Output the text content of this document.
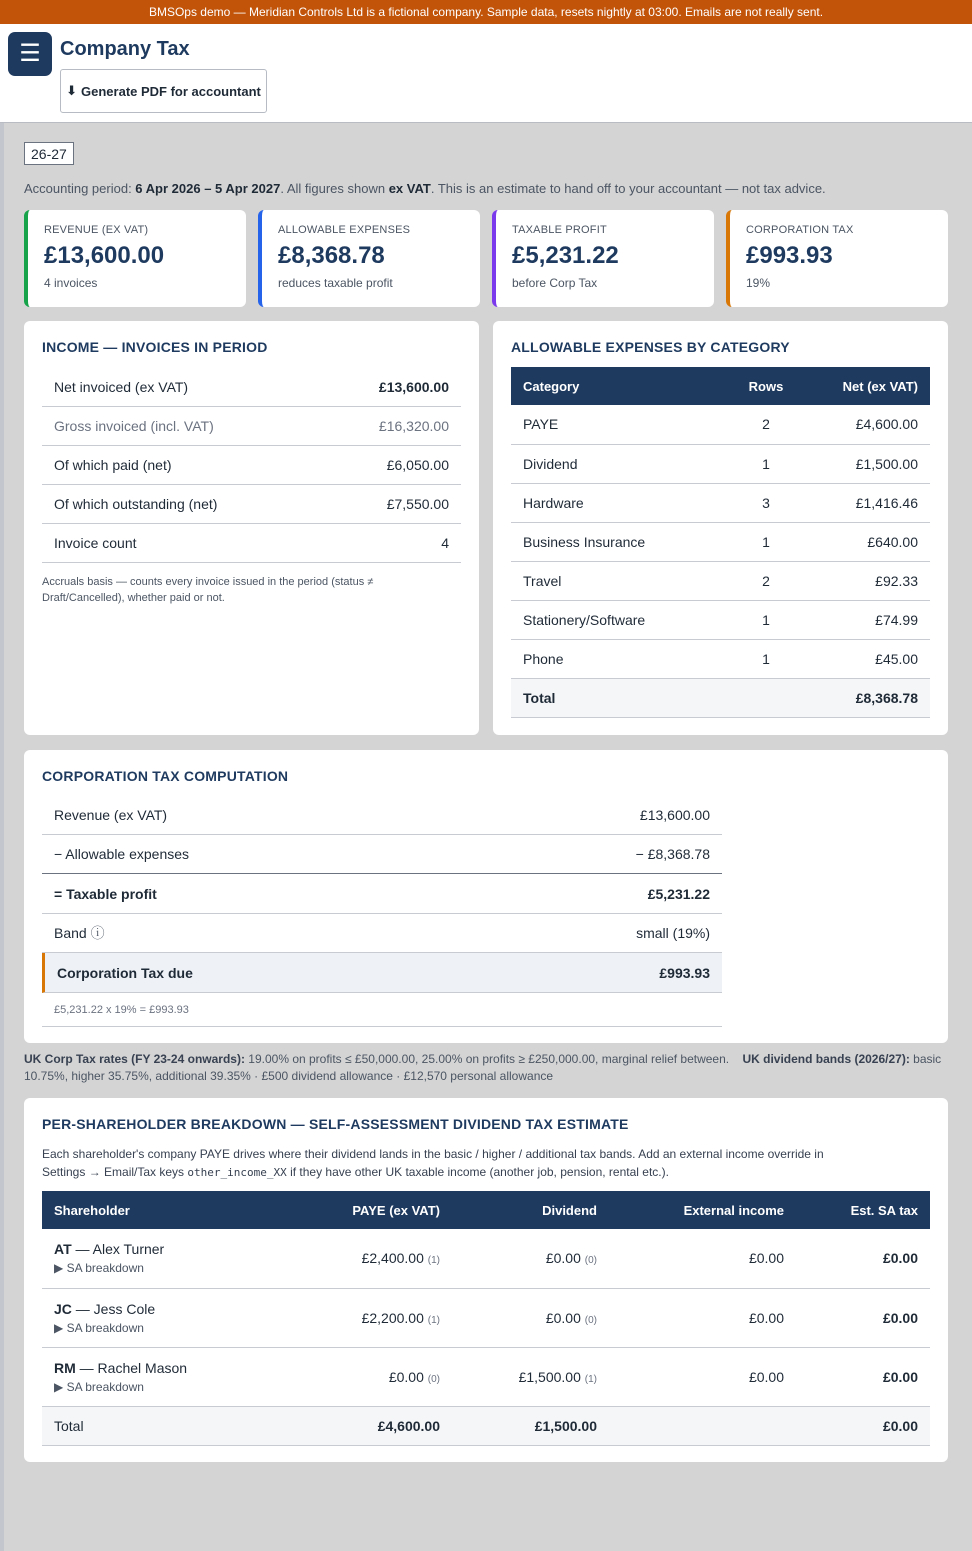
BMSOps demo — Meridian Controls Ltd is a fictional company. Sample data, resets nightly at 03:00. Emails are not really sent.
☰ Company Tax
⬇ Generate PDF for accountant
26-27
Accounting period: 6 Apr 2026 – 5 Apr 2027. All figures shown ex VAT. This is an estimate to hand off to your accountant — not tax advice.
REVENUE (EX VAT)
£13,600.00
4 invoices
ALLOWABLE EXPENSES
£8,368.78
reduces taxable profit
TAXABLE PROFIT
£5,231.22
before Corp Tax
CORPORATION TAX
£993.93
19%
INCOME — INVOICES IN PERIOD
Net invoiced (ex VAT)	£13,600.00
Gross invoiced (incl. VAT)	£16,320.00
Of which paid (net)	£6,050.00
Of which outstanding (net)	£7,550.00
Invoice count	4
Accruals basis — counts every invoice issued in the period (status ≠ Draft/Cancelled), whether paid or not.
ALLOWABLE EXPENSES BY CATEGORY
Category	Rows	Net (ex VAT)
PAYE	2	£4,600.00
Dividend	1	£1,500.00
Hardware	3	£1,416.46
Business Insurance	1	£640.00
Travel	2	£92.33
Stationery/Software	1	£74.99
Phone	1	£45.00
Total		£8,368.78
CORPORATION TAX COMPUTATION
Revenue (ex VAT)	£13,600.00
− Allowable expenses	− £8,368.78
= Taxable profit	£5,231.22
Band ⓘ	small (19%)
Corporation Tax due	£993.93
£5,231.22 x 19% = £993.93
UK Corp Tax rates (FY 23-24 onwards): 19.00% on profits ≤ £50,000.00, 25.00% on profits ≥ £250,000.00, marginal relief between. UK dividend bands (2026/27): basic 10.75%, higher 35.75%, additional 39.35% · £500 dividend allowance · £12,570 personal allowance
PER-SHAREHOLDER BREAKDOWN — SELF-ASSESSMENT DIVIDEND TAX ESTIMATE
Each shareholder's company PAYE drives where their dividend lands in the basic / higher / additional tax bands. Add an external income override in
Settings → Email/Tax keys other_income_XX if they have other UK taxable income (another job, pension, rental etc.).
Shareholder	PAYE (ex VAT)	Dividend	External income	Est. SA tax

AT — Alex Turner
▶ SA breakdown	£2,400.00 (1)	£0.00 (0)	£0.00	£0.00

JC — Jess Cole
▶ SA breakdown	£2,200.00 (1)	£0.00 (0)	£0.00	£0.00

RM — Rachel Mason
▶ SA breakdown	£0.00 (0)	£1,500.00 (1)	£0.00	£0.00
Total	£4,600.00	£1,500.00		£0.00
